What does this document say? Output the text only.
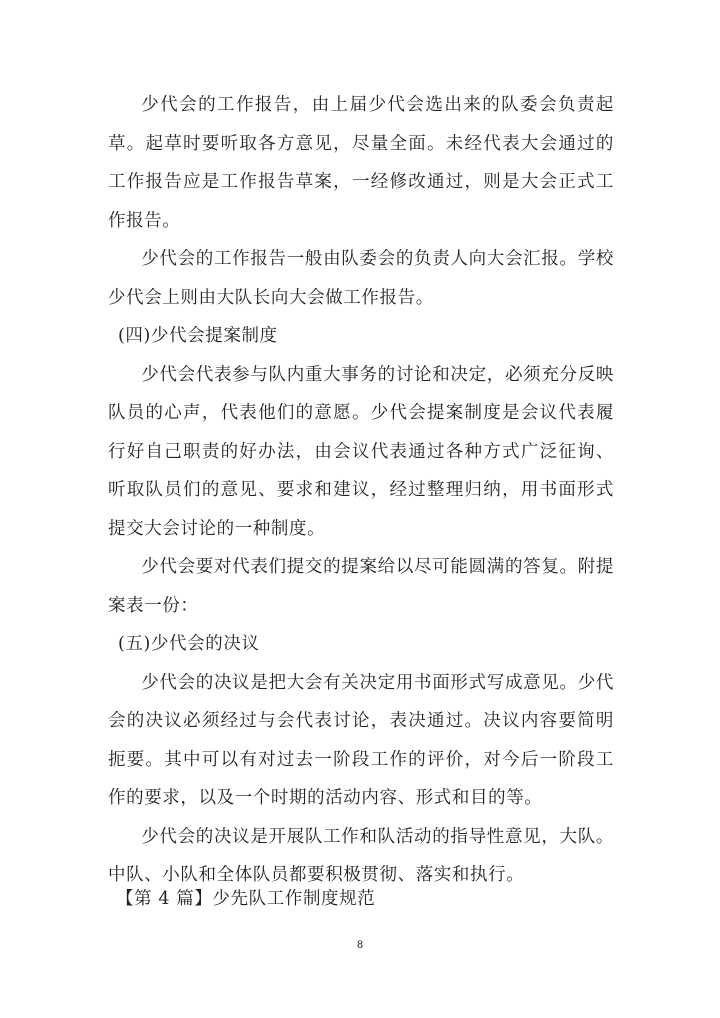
少代会的工作报告，由上届少代会选出来的队委会负责起草。起草时要听取各方意见，尽量全面。未经代表大会通过的工作报告应是工作报告草案，一经修改通过，则是大会正式工作报告。

少代会的工作报告一般由队委会的负责人向大会汇报。学校少代会上则由大队长向大会做工作报告。

(四)少代会提案制度

少代会代表参与队内重大事务的讨论和决定，必须充分反映队员的心声，代表他们的意愿。少代会提案制度是会议代表履行好自己职责的好办法，由会议代表通过各种方式广泛征询、听取队员们的意见、要求和建议，经过整理归纳，用书面形式提交大会讨论的一种制度。

少代会要对代表们提交的提案给以尽可能圆满的答复。附提案表一份：

(五)少代会的决议

少代会的决议是把大会有关决定用书面形式写成意见。少代会的决议必须经过与会代表讨论，表决通过。决议内容要简明扼要。其中可以有对过去一阶段工作的评价，对今后一阶段工作的要求，以及一个时期的活动内容、形式和目的等。

少代会的决议是开展队工作和队活动的指导性意见，大队。中队、小队和全体队员都要积极贯彻、落实和执行。

【第 4 篇】少先队工作制度规范
8
